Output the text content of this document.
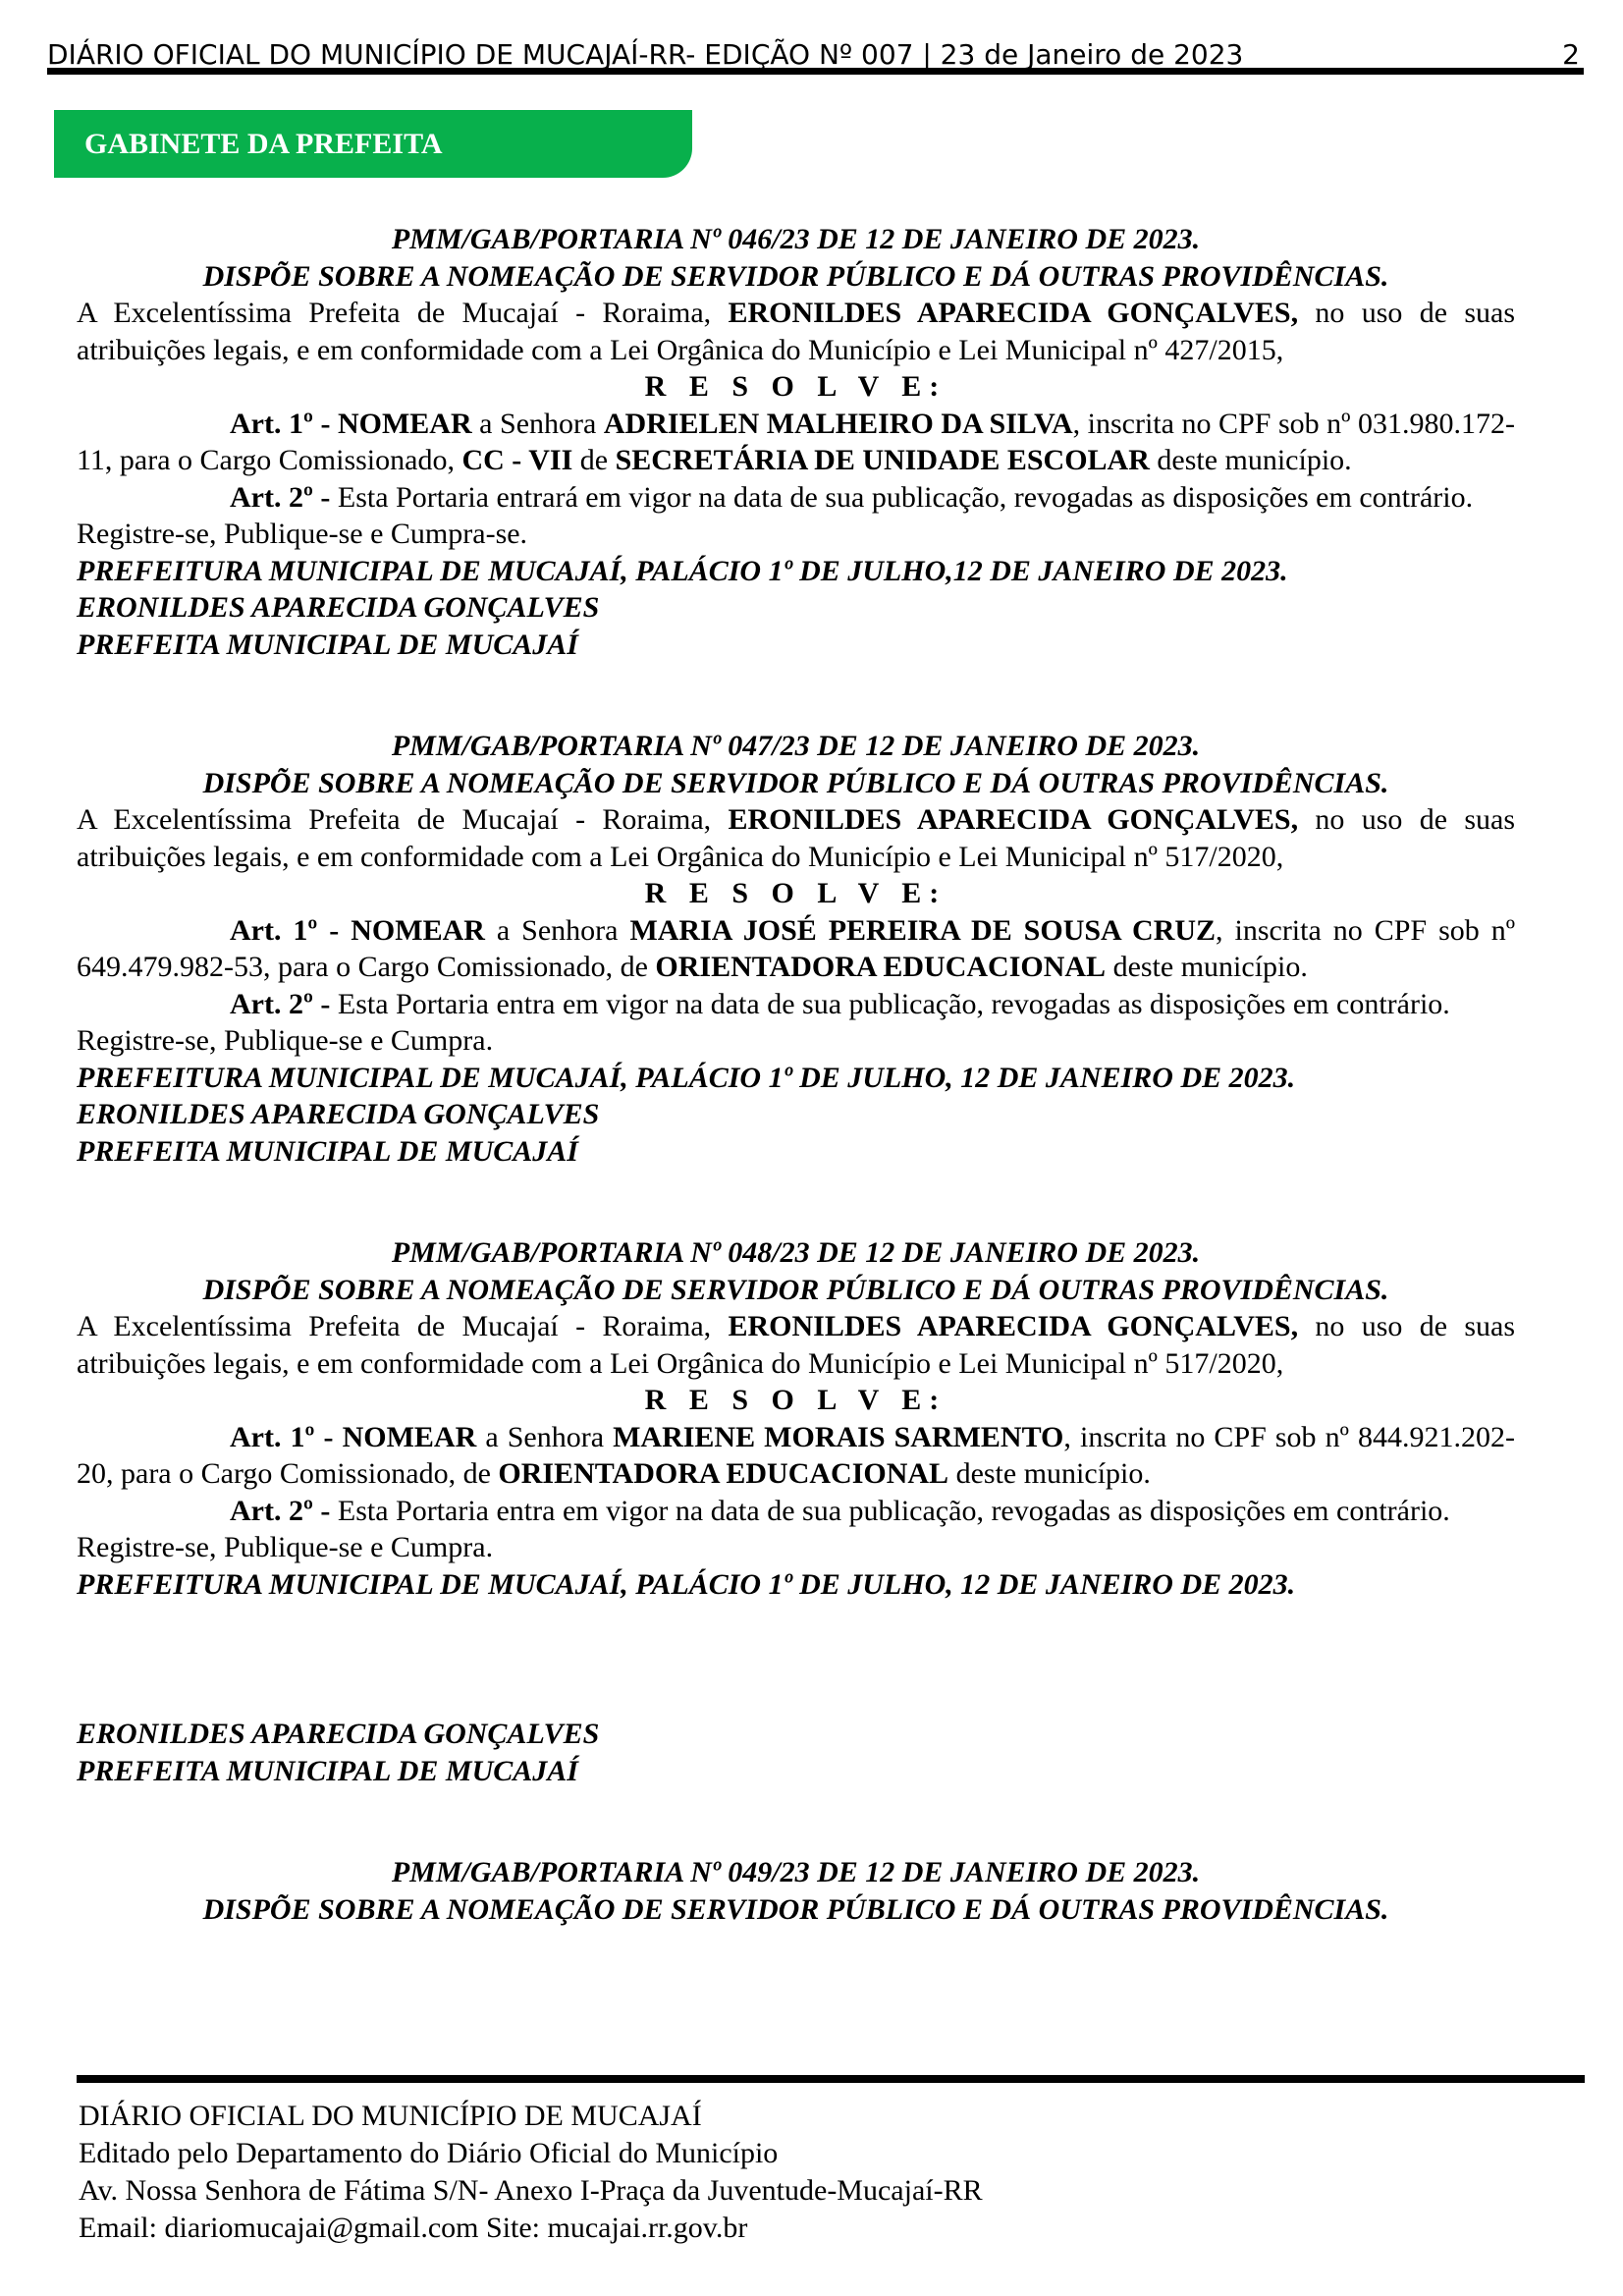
DIÁRIO OFICIAL DO MUNICÍPIO DE MUCAJAÍ-RR- EDIÇÃO Nº 007 | 23 de Janeiro de 2023	2
GABINETE DA PREFEITA
PMM/GAB/PORTARIA Nº 046/23 DE 12 DE JANEIRO DE 2023.
DISPÕE SOBRE A NOMEAÇÃO DE SERVIDOR PÚBLICO E DÁ OUTRAS PROVIDÊNCIAS.
A Excelentíssima Prefeita de Mucajaí - Roraima, ERONILDES APARECIDA GONÇALVES, no uso de suas atribuições legais, e em conformidade com a Lei Orgânica do Município e Lei Municipal nº 427/2015,
R E S O L V E:
Art. 1º - NOMEAR a Senhora ADRIELEN MALHEIRO DA SILVA, inscrita no CPF sob nº 031.980.172-11, para o Cargo Comissionado, CC - VII de SECRETÁRIA DE UNIDADE ESCOLAR deste município.
Art. 2º - Esta Portaria entrará em vigor na data de sua publicação, revogadas as disposições em contrário.
Registre-se, Publique-se e Cumpra-se.
PREFEITURA MUNICIPAL DE MUCAJAÍ, PALÁCIO 1º DE JULHO,12 DE JANEIRO DE 2023.
ERONILDES APARECIDA GONÇALVES
PREFEITA MUNICIPAL DE MUCAJAÍ
PMM/GAB/PORTARIA Nº 047/23 DE 12 DE JANEIRO DE 2023.
DISPÕE SOBRE A NOMEAÇÃO DE SERVIDOR PÚBLICO E DÁ OUTRAS PROVIDÊNCIAS.
A Excelentíssima Prefeita de Mucajaí - Roraima, ERONILDES APARECIDA GONÇALVES, no uso de suas atribuições legais, e em conformidade com a Lei Orgânica do Município e Lei Municipal nº 517/2020,
R E S O L V E:
Art. 1º - NOMEAR a Senhora MARIA JOSÉ PEREIRA DE SOUSA CRUZ, inscrita no CPF sob nº 649.479.982-53, para o Cargo Comissionado, de ORIENTADORA EDUCACIONAL deste município.
Art. 2º - Esta Portaria entra em vigor na data de sua publicação, revogadas as disposições em contrário.
Registre-se, Publique-se e Cumpra.
PREFEITURA MUNICIPAL DE MUCAJAÍ, PALÁCIO 1º DE JULHO, 12 DE JANEIRO DE 2023.
ERONILDES APARECIDA GONÇALVES
PREFEITA MUNICIPAL DE MUCAJAÍ
PMM/GAB/PORTARIA Nº 048/23 DE 12 DE JANEIRO DE 2023.
DISPÕE SOBRE A NOMEAÇÃO DE SERVIDOR PÚBLICO E DÁ OUTRAS PROVIDÊNCIAS.
A Excelentíssima Prefeita de Mucajaí - Roraima, ERONILDES APARECIDA GONÇALVES, no uso de suas atribuições legais, e em conformidade com a Lei Orgânica do Município e Lei Municipal nº 517/2020,
R E S O L V E:
Art. 1º - NOMEAR a Senhora MARIENE MORAIS SARMENTO, inscrita no CPF sob nº 844.921.202-20, para o Cargo Comissionado, de ORIENTADORA EDUCACIONAL deste município.
Art. 2º - Esta Portaria entra em vigor na data de sua publicação, revogadas as disposições em contrário.
Registre-se, Publique-se e Cumpra.
PREFEITURA MUNICIPAL DE MUCAJAÍ, PALÁCIO 1º DE JULHO, 12 DE JANEIRO DE 2023.
ERONILDES APARECIDA GONÇALVES
PREFEITA MUNICIPAL DE MUCAJAÍ
PMM/GAB/PORTARIA Nº 049/23 DE 12 DE JANEIRO DE 2023.
DISPÕE SOBRE A NOMEAÇÃO DE SERVIDOR PÚBLICO E DÁ OUTRAS PROVIDÊNCIAS.
DIÁRIO OFICIAL DO MUNICÍPIO DE MUCAJAÍ
Editado pelo Departamento do Diário Oficial do Município
Av. Nossa Senhora de Fátima S/N- Anexo I-Praça da Juventude-Mucajaí-RR
Email: diariomucajai@gmail.com Site: mucajai.rr.gov.br
